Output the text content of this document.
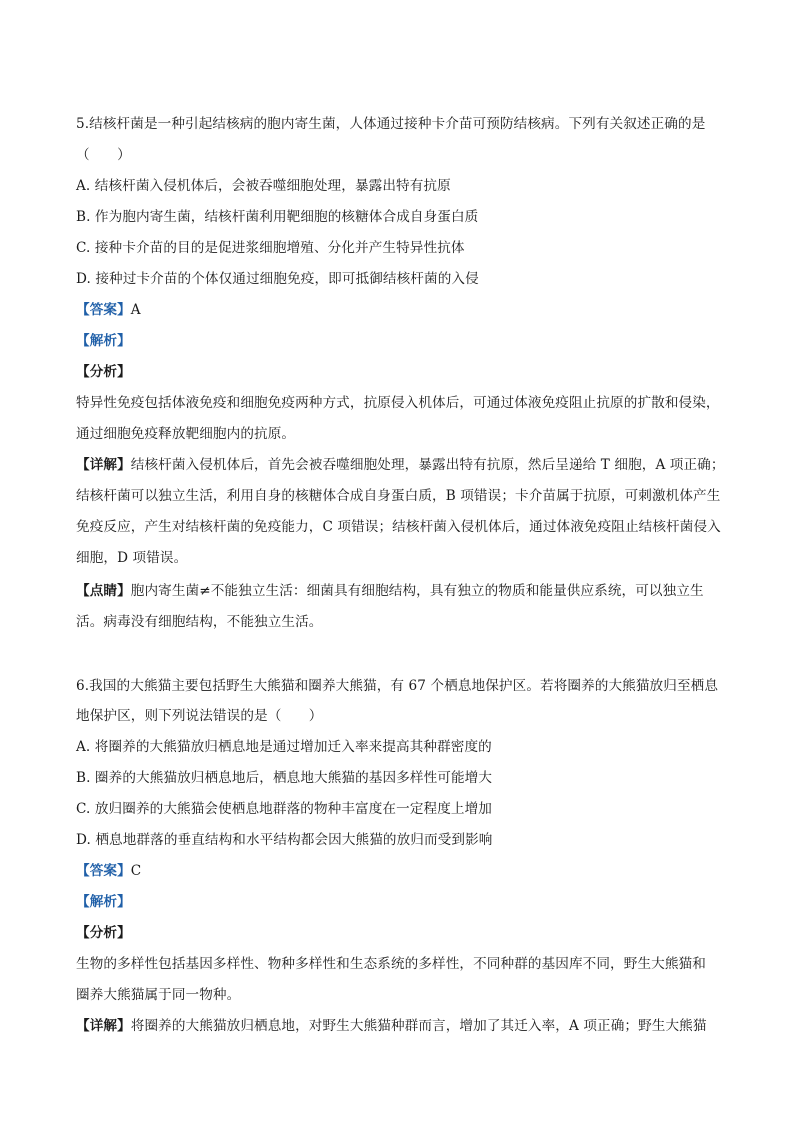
5.结核杆菌是一种引起结核病的胞内寄生菌，人体通过接种卡介苗可预防结核病。下列有关叙述正确的是
（　　）
A. 结核杆菌入侵机体后，会被吞噬细胞处理，暴露出特有抗原
B. 作为胞内寄生菌，结核杆菌利用靶细胞的核糖体合成自身蛋白质
C. 接种卡介苗的目的是促进浆细胞增殖、分化并产生特异性抗体
D. 接种过卡介苗的个体仅通过细胞免疫，即可抵御结核杆菌的入侵
【答案】A
【解析】
【分析】
特异性免疫包括体液免疫和细胞免疫两种方式，抗原侵入机体后，可通过体液免疫阻止抗原的扩散和侵染，
通过细胞免疫释放靶细胞内的抗原。
【详解】结核杆菌入侵机体后，首先会被吞噬细胞处理，暴露出特有抗原，然后呈递给 T 细胞，A 项正确；
结核杆菌可以独立生活，利用自身的核糖体合成自身蛋白质，B 项错误；卡介苗属于抗原，可刺激机体产生
免疫反应，产生对结核杆菌的免疫能力，C 项错误；结核杆菌入侵机体后，通过体液免疫阻止结核杆菌侵入
细胞，D 项错误。
【点睛】胞内寄生菌≠不能独立生活：细菌具有细胞结构，具有独立的物质和能量供应系统，可以独立生
活。病毒没有细胞结构，不能独立生活。
6.我国的大熊猫主要包括野生大熊猫和圈养大熊猫，有 67 个栖息地保护区。若将圈养的大熊猫放归至栖息
地保护区，则下列说法错误的是（　　）
A. 将圈养的大熊猫放归栖息地是通过增加迁入率来提高其种群密度的
B. 圈养的大熊猫放归栖息地后，栖息地大熊猫的基因多样性可能增大
C. 放归圈养的大熊猫会使栖息地群落的物种丰富度在一定程度上增加
D. 栖息地群落的垂直结构和水平结构都会因大熊猫的放归而受到影响
【答案】C
【解析】
【分析】
生物的多样性包括基因多样性、物种多样性和生态系统的多样性，不同种群的基因库不同，野生大熊猫和
圈养大熊猫属于同一物种。
【详解】将圈养的大熊猫放归栖息地，对野生大熊猫种群而言，增加了其迁入率，A 项正确；野生大熊猫
